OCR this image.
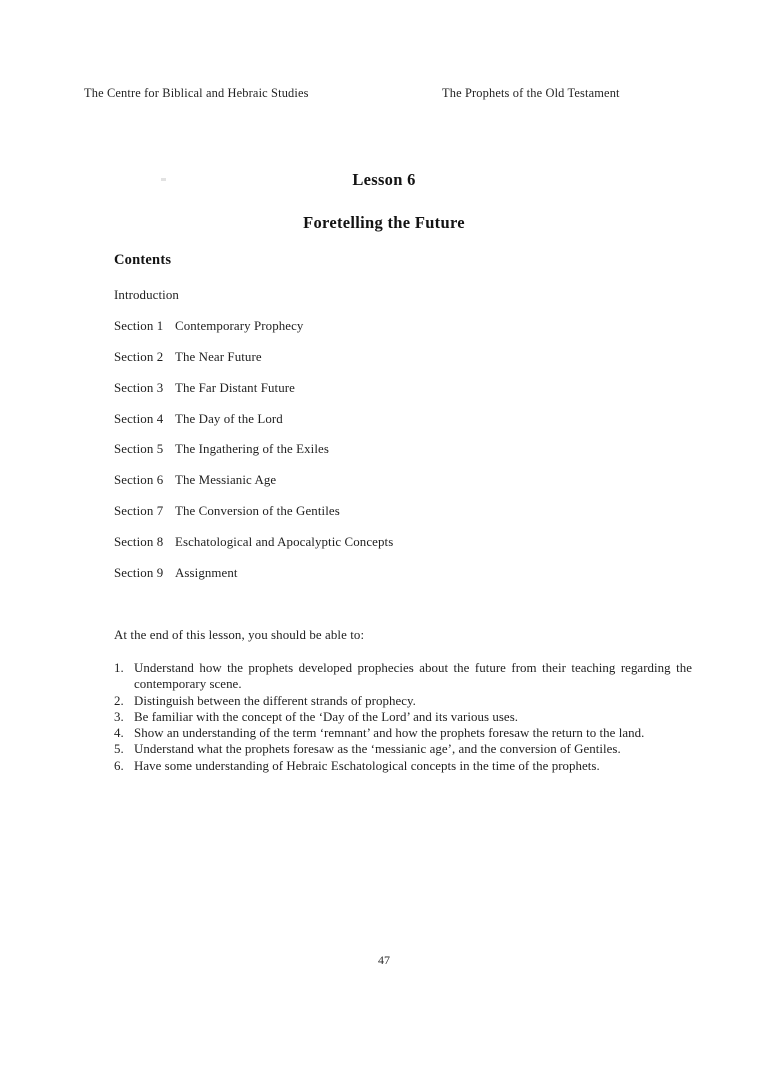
The Centre for Biblical and Hebraic Studies	The Prophets of the Old Testament
Lesson 6
Foretelling the Future
Contents
Introduction
Section 1 Contemporary Prophecy
Section 2 The Near Future
Section 3 The Far Distant Future
Section 4 The Day of the Lord
Section 5 The Ingathering of the Exiles
Section 6 The Messianic Age
Section 7 The Conversion of the Gentiles
Section 8 Eschatological and Apocalyptic Concepts
Section 9 Assignment
At the end of this lesson, you should be able to:
1. Understand how the prophets developed prophecies about the future from their teaching regarding the contemporary scene.
2. Distinguish between the different strands of prophecy.
3. Be familiar with the concept of the ‘Day of the Lord’ and its various uses.
4. Show an understanding of the term ‘remnant’ and how the prophets foresaw the return to the land.
5. Understand what the prophets foresaw as the ‘messianic age’, and the conversion of Gentiles.
6. Have some understanding of Hebraic Eschatological concepts in the time of the prophets.
47
